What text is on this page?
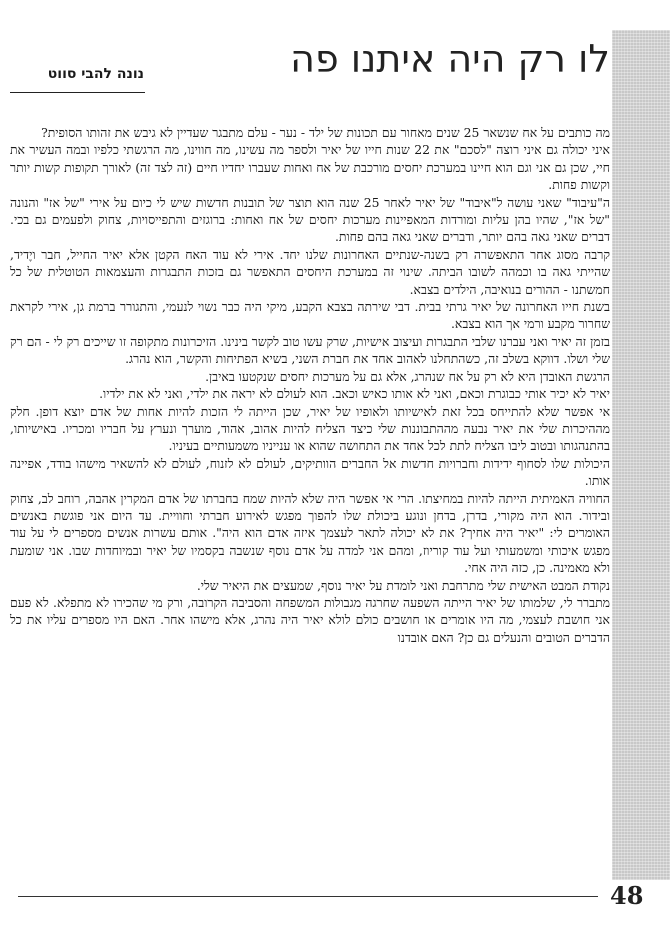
לו רק היה איתנו פה
נונה להבי סווט

מה כותבים על אח שנשאר 25 שנים מאחור עם תכונות של ילד - נער - עלם מתבגר שעדיין לא גיבש את זהותו הסופית?

איני יכולה גם איני רוצה "לסכם" את 22 שנות חייו של יאיר ולספר מה עשינו, מה חווינו, מה הרגשתי כלפיו ובמה העשיר את חיי, שכן גם אני וגם הוא חיינו במערכת יחסים מורכבת של אח ואחות שעברו יחדיו חיים (זה לצד זה) לאורך תקופות קשות יותר וקשות פחות.

ה"עיבוד" שאני עושה ל"איבוד" של יאיר לאחר 25 שנה הוא תוצר של תובנות חדשות שיש לי כיום על אירי "של אז" והנונה "של אז", שהיו בהן עליות ומורדות המאפיינות מערכות יחסים של אח ואחות: ברוגזים והתפייסויות, צחוק ולפעמים גם בכי. דברים שאני גאה בהם יותר, ודברים שאני גאה בהם פחות.

קרבה מסוג אחר התאפשרה רק בשנה-שנתיים האחרונות שלנו יחד. אירי לא עוד האח הקטן אלא יאיר החייל, חבר ויֶדיד, שהייתי גאה בו וכמהה לשובו הביתה. שינוי זה במערכת היחסים התאפשר גם בזכות התבגרות והעצמאות הטוטלית של כל חמשתנו - ההורים בנואיבה, הילדים בצבא.

בשנת חייו האחרונה של יאיר גרתי בבית. דבי שירתה בצבא הקבע, מיקי היה כבר נשוי לנעמי, והתגורר ברמת גן, אירי לקראת שחרור מקבע ורמי אך הוא בצבא.

בזמן זה יאיר ואני עברנו שלבי התבגרות ועיצוב אישיות, שרק עשו טוב לקשר בינינו. הזיכרונות מתקופה זו שייכים רק לי - הם רק שלי ושלו. דווקא בשלב זה, כשהתחלנו לאהוב אחד את חברת השני, בשיא הפתיחות והקשר, הוא נהרג.

הרגשת האובדן היא לא רק על אח שנהרג, אלא גם על מערכות יחסים שנקטעו באיבן.

יאיר לא יכיר אותי כבוגרת וכאם, ואני לא אותו כאיש וכאב. הוא לעולם לא יראה את ילדי, ואני לא את ילדיו.

אי אפשר שלא להתייחס בכל זאת לאישיותו ולאופיו של יאיר, שכן הייתה לי הזכות להיות אחות של אדם יוצא דופן. חלק מההיכרות שלי את יאיר נבעה מההתבוננות שלי כיצד הצליח להיות אהוב, אהוד, מוערך ונערץ על חבריו ומכריו. באישיותו, בהתנהגותו ובטוב ליבו הצליח לתת לכל אחד את התחושה שהוא או ענייניו משמעותיים בעיניו.

היכולות שלו לסחוף ידידות וחברויות חדשות אל החברים הוותיקים, לעולם לא לזנוח, לעולם לא להשאיר מישהו בודד, אפיינה אותו.

החוויה האמיתית הייתה להיות במחיצתו. הרי אי אפשר היה שלא להיות שמח בחברתו של אדם המקרין אהבה, רוחב לב, צחוק ובידור. הוא היה מקורי, בדרן, בדחן ונוגע ביכולת שלו להפוך מפגש לאירוע חברתי וחוויית. עד היום אני פוגשת באנשים האומרים לי: "יאיר היה אחיך? את לא יכולה לתאר לעצמך איזה אדם הוא היה". אותם עשרות אנשים מספרים לי על עוד מפגש איכותי ומשמעותי ועל עוד קוריוז, ומהם אני למדה על אדם נוסף שנשבה בקסמיו של יאיר ובמיוחדות שבו. אני שומעת ולא מאמינה. כן, כזה היה אחי.

נקודת המבט האישית שלי מתרחבת ואני לומדת על יאיר נוסף, שמעצים את היאיר שלי.

מתברר לי, שלמותו של יאיר הייתה השפעה שחרגה מגבולות המשפחה והסביבה הקרובה, ורק מי שהכירו לא מתפלא. לא פעם אני חושבת לעצמי, מה היו אומרים או חושבים כולם לולא יאיר היה נהרג, אלא מישהו אחר. האם היו מספרים עליו את כל הדברים הטובים והנעלים גם כן? האם אובדנו

48
